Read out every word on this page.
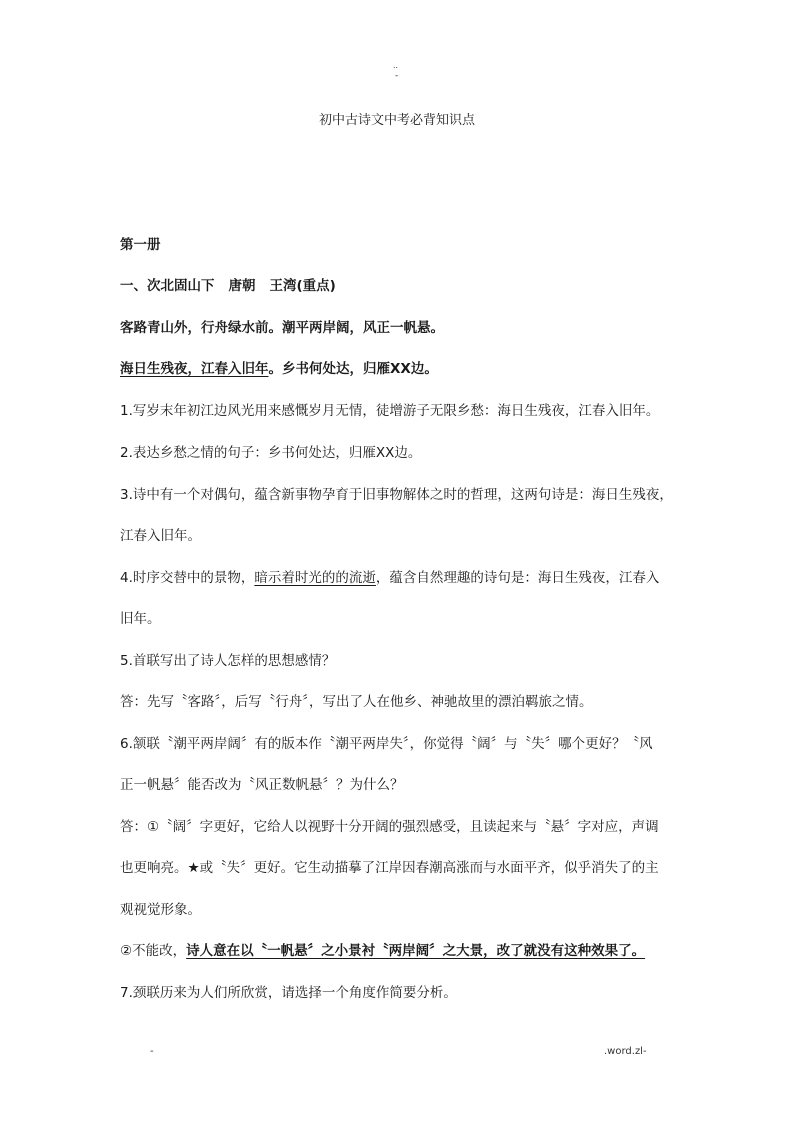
..
-
初中古诗文中考必背知识点
第一册
一、次北固山下 唐朝 王湾(重点)
客路青山外，行舟绿水前。潮平两岸阔，风正一帆悬。
海日生残夜，江春入旧年。乡书何处达，归雁XX边。
1.写岁末年初江边风光用来感慨岁月无情，徒增游子无限乡愁：海日生残夜，江春入旧年。
2.表达乡愁之情的句子：乡书何处达，归雁XX边。
3.诗中有一个对偶句，蕴含新事物孕育于旧事物解体之时的哲理，这两句诗是：海日生残夜，
江春入旧年。
4.时序交替中的景物，暗示着时光的的流逝，蕴含自然理趣的诗句是：海日生残夜，江春入
旧年。
5.首联写出了诗人怎样的思想感情？
答：先写〝客路〞，后写〝行舟〞，写出了人在他乡、神驰故里的漂泊羁旅之情。
6.颔联〝潮平两岸阔〞有的版本作〝潮平两岸失〞，你觉得〝阔〞与〝失〞哪个更好？〝风
正一帆悬〞能否改为〝风正数帆悬〞？为什么？
答：①〝阔〞字更好，它给人以视野十分开阔的强烈感受，且读起来与〝悬〞字对应，声调
也更响亮。★或〝失〞更好。它生动描摹了江岸因春潮高涨而与水面平齐，似乎消失了的主
观视觉形象。
②不能改，诗人意在以〝一帆悬〞之小景衬〝两岸阔〞之大景，改了就没有这种效果了。
7.颈联历来为人们所欣赏，请选择一个角度作简要分析。
-	.word.zl-
